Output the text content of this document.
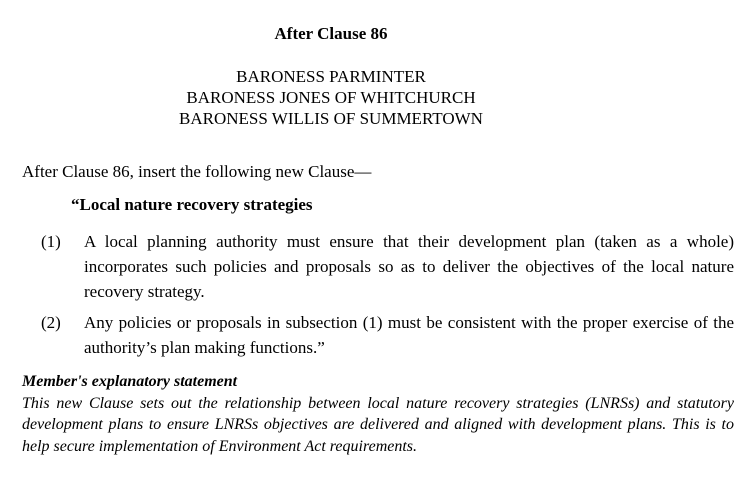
After Clause 86
BARONESS PARMINTER
BARONESS JONES OF WHITCHURCH
BARONESS WILLIS OF SUMMERTOWN
After Clause 86, insert the following new Clause—
“Local nature recovery strategies
(1)	A local planning authority must ensure that their development plan (taken as a whole) incorporates such policies and proposals so as to deliver the objectives of the local nature recovery strategy.
(2)	Any policies or proposals in subsection (1) must be consistent with the proper exercise of the authority’s plan making functions.”
Member's explanatory statement
This new Clause sets out the relationship between local nature recovery strategies (LNRSs) and statutory development plans to ensure LNRSs objectives are delivered and aligned with development plans. This is to help secure implementation of Environment Act requirements.
